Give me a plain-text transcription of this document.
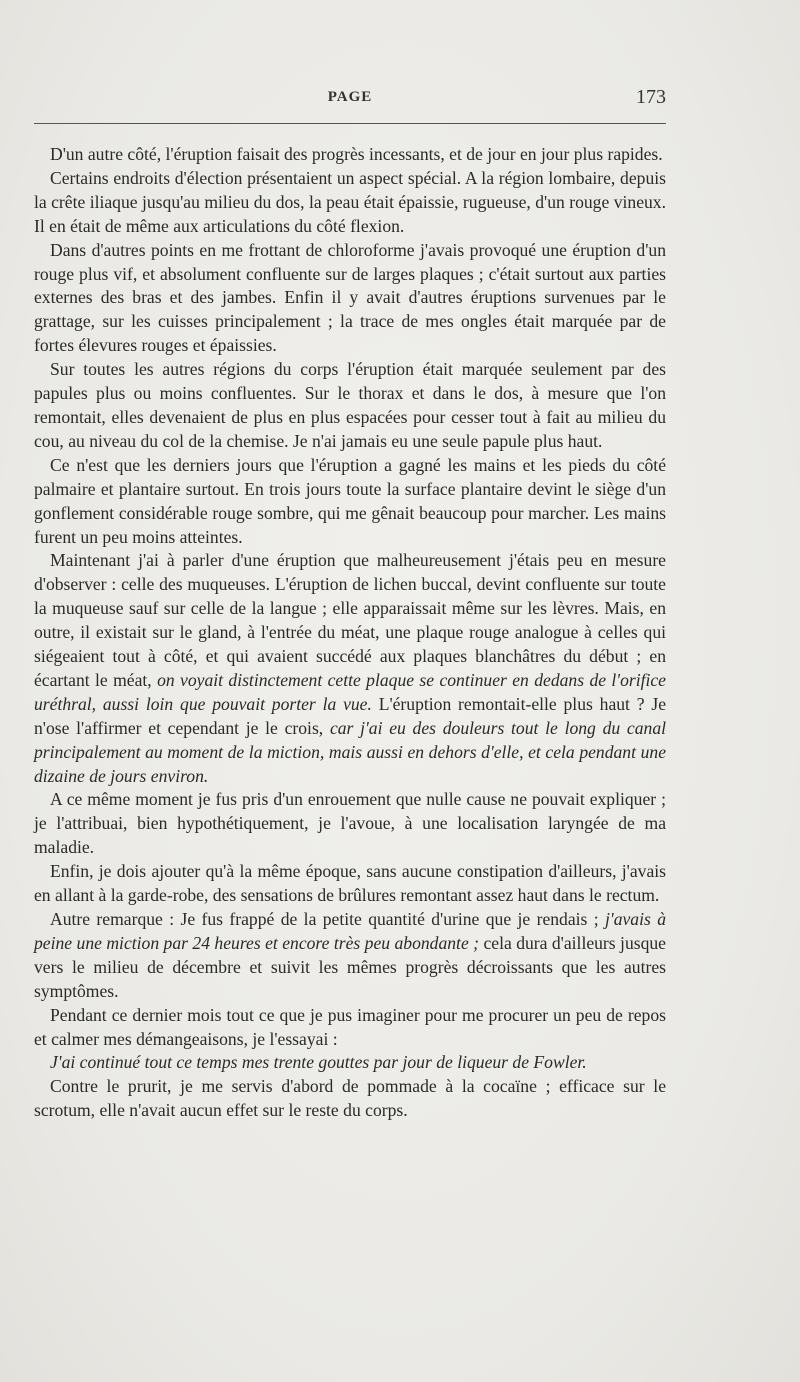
PAGE	173

D'un autre côté, l'éruption faisait des progrès incessants, et de jour en jour plus rapides.

Certains endroits d'élection présentaient un aspect spécial. A la région lombaire, depuis la crête iliaque jusqu'au milieu du dos, la peau était épaissie, rugueuse, d'un rouge vineux. Il en était de même aux articulations du côté flexion.

Dans d'autres points en me frottant de chloroforme j'avais provoqué une éruption d'un rouge plus vif, et absolument confluente sur de larges plaques ; c'était surtout aux parties externes des bras et des jambes. Enfin il y avait d'autres éruptions survenues par le grattage, sur les cuisses principalement ; la trace de mes ongles était marquée par de fortes élevures rouges et épaissies.

Sur toutes les autres régions du corps l'éruption était marquée seulement par des papules plus ou moins confluentes. Sur le thorax et dans le dos, à mesure que l'on remontait, elles devenaient de plus en plus espacées pour cesser tout à fait au milieu du cou, au niveau du col de la chemise. Je n'ai jamais eu une seule papule plus haut.

Ce n'est que les derniers jours que l'éruption a gagné les mains et les pieds du côté palmaire et plantaire surtout. En trois jours toute la surface plantaire devint le siège d'un gonflement considérable rouge sombre, qui me gênait beaucoup pour marcher. Les mains furent un peu moins atteintes.

Maintenant j'ai à parler d'une éruption que malheureusement j'étais peu en mesure d'observer : celle des muqueuses. L'éruption de lichen buccal, devint confluente sur toute la muqueuse sauf sur celle de la langue ; elle apparaissait même sur les lèvres. Mais, en outre, il existait sur le gland, à l'entrée du méat, une plaque rouge analogue à celles qui siégeaient tout à côté, et qui avaient succédé aux plaques blanchâtres du début ; en écartant le méat, on voyait distinctement cette plaque se continuer en dedans de l'orifice uréthral, aussi loin que pouvait porter la vue. L'éruption remontait-elle plus haut ? Je n'ose l'affirmer et cependant je le crois, car j'ai eu des douleurs tout le long du canal principalement au moment de la miction, mais aussi en dehors d'elle, et cela pendant une dizaine de jours environ.

A ce même moment je fus pris d'un enrouement que nulle cause ne pouvait expliquer ; je l'attribuai, bien hypothétiquement, je l'avoue, à une localisation laryngée de ma maladie.

Enfin, je dois ajouter qu'à la même époque, sans aucune constipation d'ailleurs, j'avais en allant à la garde-robe, des sensations de brûlures remontant assez haut dans le rectum.

Autre remarque : Je fus frappé de la petite quantité d'urine que je rendais ; j'avais à peine une miction par 24 heures et encore très peu abondante ; cela dura d'ailleurs jusque vers le milieu de décembre et suivit les mêmes progrès décroissants que les autres symptômes.

Pendant ce dernier mois tout ce que je pus imaginer pour me procurer un peu de repos et calmer mes démangeaisons, je l'essayai :

J'ai continué tout ce temps mes trente gouttes par jour de liqueur de Fowler.

Contre le prurit, je me servis d'abord de pommade à la cocaïne ; efficace sur le scrotum, elle n'avait aucun effet sur le reste du corps.
